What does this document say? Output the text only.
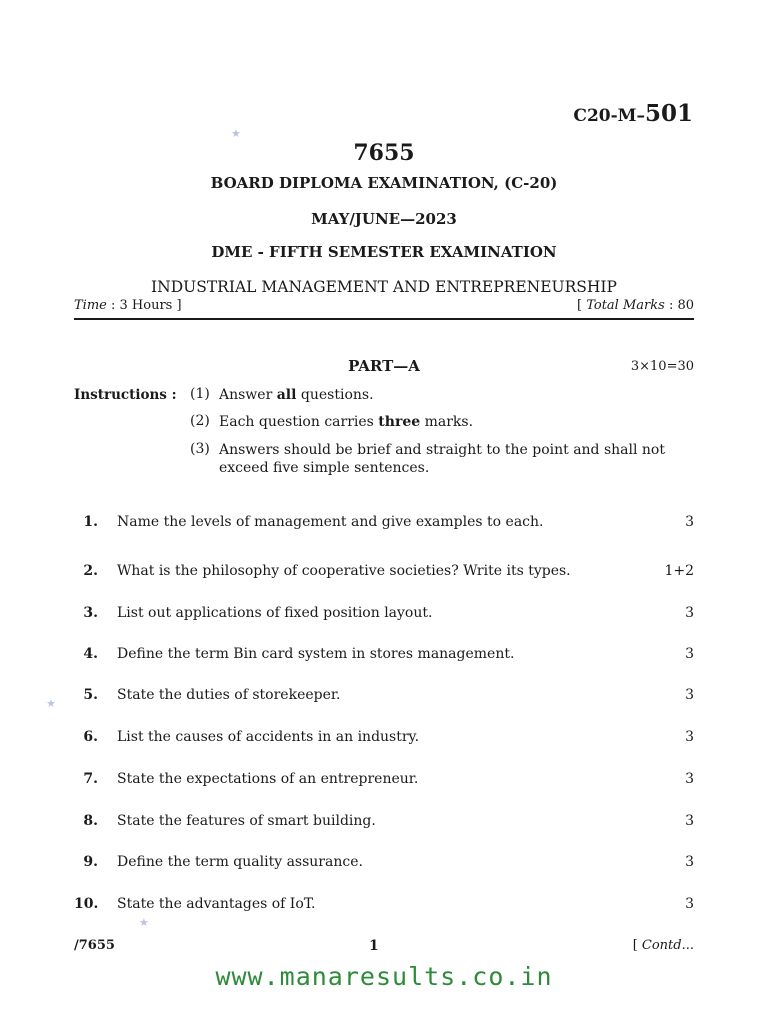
C20-M–501
7655
BOARD DIPLOMA EXAMINATION, (C-20)
MAY/JUNE—2023
DME - FIFTH SEMESTER EXAMINATION
INDUSTRIAL MANAGEMENT AND ENTREPRENEURSHIP
Time : 3 Hours ]	[ Total Marks : 80
PART—A	3×10=30
Instructions : (1) Answer all questions.
(2) Each question carries three marks.
(3) Answers should be brief and straight to the point and shall not exceed five simple sentences.
1. Name the levels of management and give examples to each.	3
2. What is the philosophy of cooperative societies? Write its types.	1+2
3. List out applications of fixed position layout.	3
4. Define the term Bin card system in stores management.	3
5. State the duties of storekeeper.	3
6. List the causes of accidents in an industry.	3
7. State the expectations of an entrepreneur.	3
8. State the features of smart building.	3
9. Define the term quality assurance.	3
10. State the advantages of IoT.	3
/7655	1	[ Contd...
www.manaresults.co.in
★
★
★
